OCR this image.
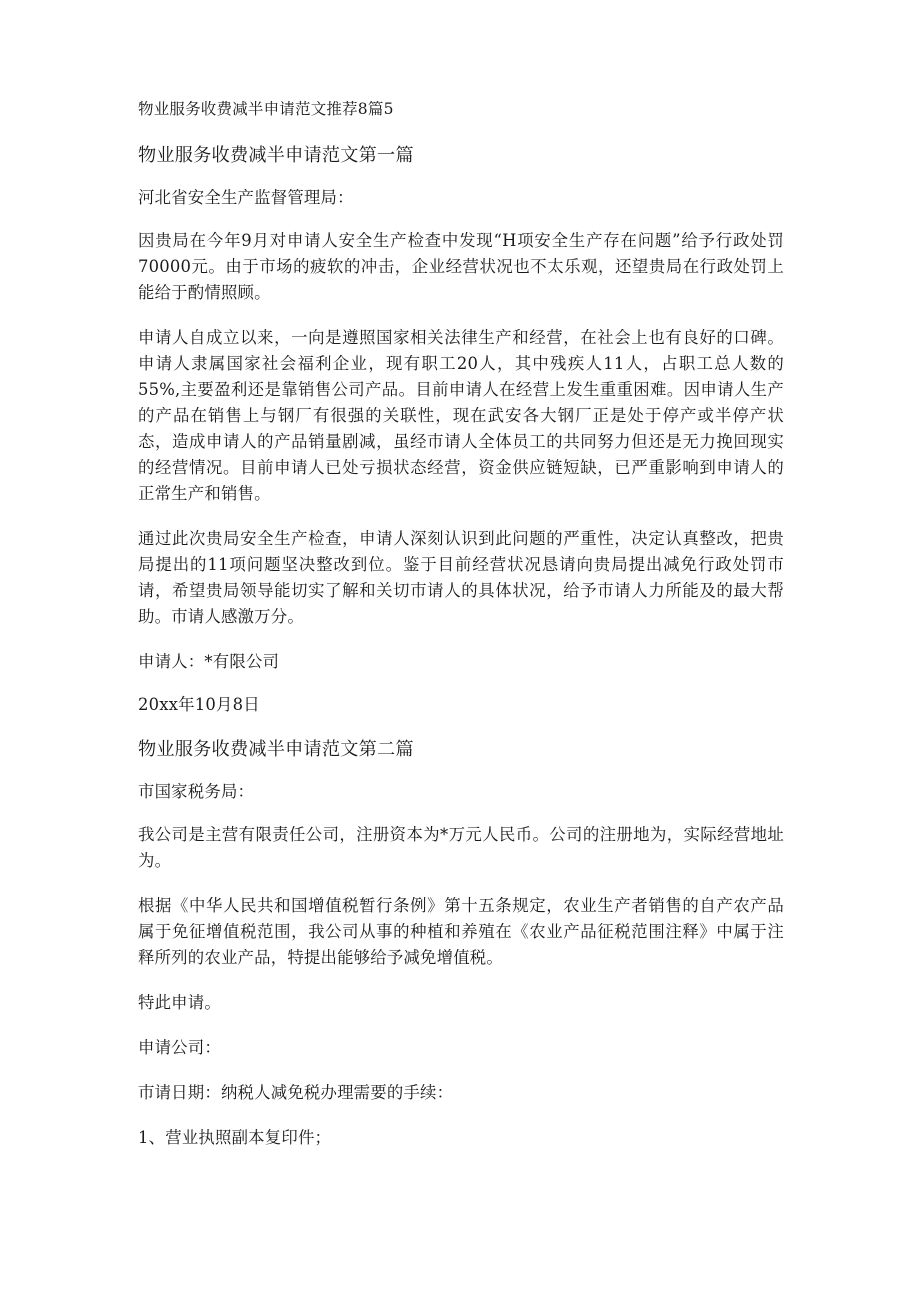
物业服务收费减半申请范文推荐8篇5

物业服务收费减半申请范文第一篇

河北省安全生产监督管理局：

因贵局在今年9月对申请人安全生产检查中发现“H项安全生产存在问题”给予行政处罚70000元。由于市场的疲软的冲击，企业经营状况也不太乐观，还望贵局在行政处罚上能给于酌情照顾。

申请人自成立以来，一向是遵照国家相关法律生产和经营，在社会上也有良好的口碑。申请人隶属国家社会福利企业，现有职工20人，其中残疾人11人，占职工总人数的55%,主要盈利还是靠销售公司产品。目前申请人在经营上发生重重困难。因申请人生产的产品在销售上与钢厂有很强的关联性，现在武安各大钢厂正是处于停产或半停产状态，造成申请人的产品销量剧减，虽经巿请人全体员工的共同努力但还是无力挽回现实的经营情况。目前申请人已处亏损状态经营，资金供应链短缺，已严重影响到申请人的正常生产和销售。

通过此次贵局安全生产检查，申请人深刻认识到此问题的严重性，决定认真整改，把贵局提出的11项问题坚决整改到位。鉴于目前经营状况恳请向贵局提出减免行政处罚巿请，希望贵局领导能切实了解和关切巿请人的具体状况，给予巿请人力所能及的最大帮助。巿请人感激万分。

申请人：*有限公司

20xx年10月8日

物业服务收费减半申请范文第二篇

市国家税务局：

我公司是主营有限责任公司，注册资本为*万元人民币。公司的注册地为，实际经营地址为。

根据《中华人民共和国增值税暂行条例》第十五条规定，农业生产者销售的自产农产品属于免征增值税范围，我公司从事的种植和养殖在《农业产品征税范围注释》中属于注释所列的农业产品，特提出能够给予减免增值税。

特此申请。

申请公司：

巿请日期：纳税人减免税办理需要的手续：

1、营业执照副本复印件；
